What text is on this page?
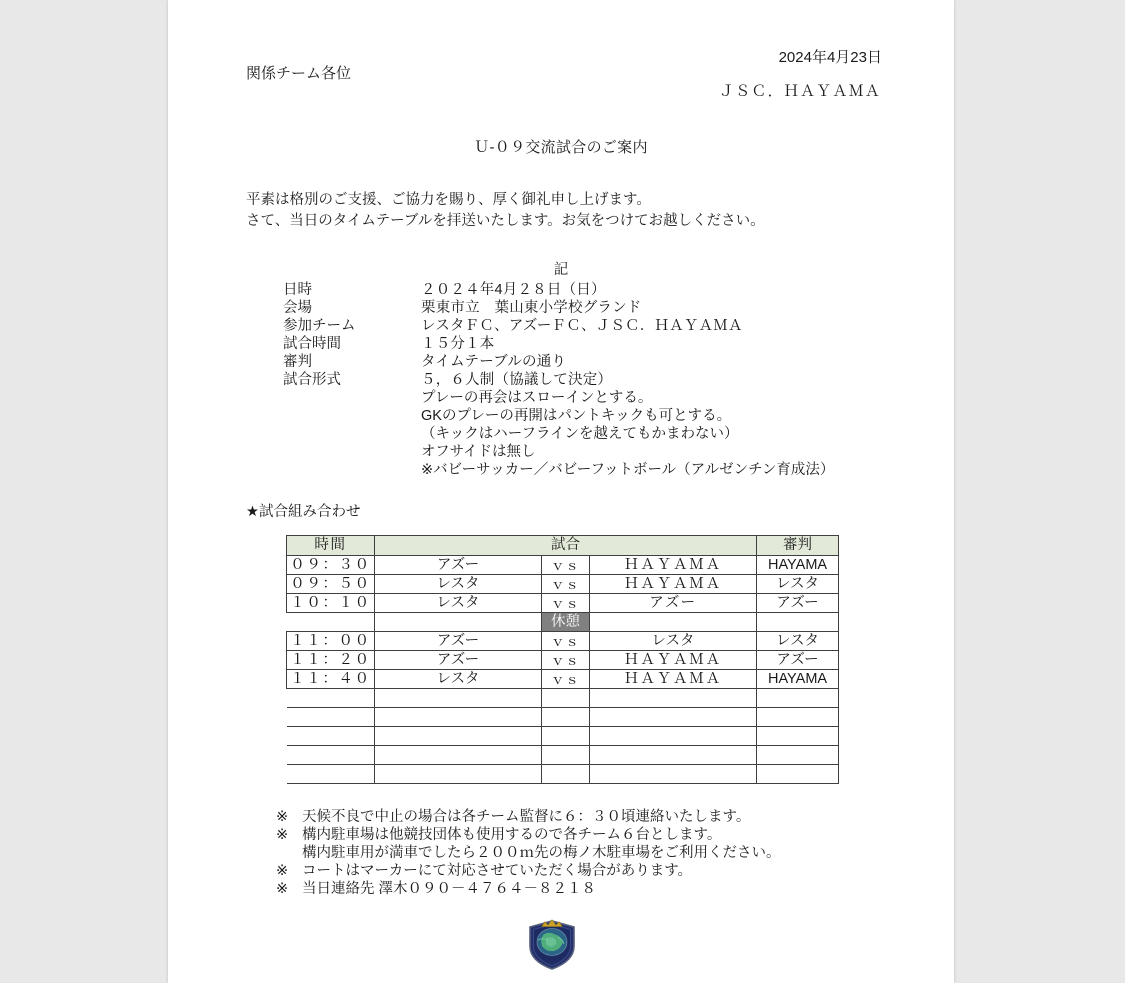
2024年4月23日
ＪＳＣ．ＨＡＹＡＭＡ
関係チーム各位
Ｕ-０９交流試合のご案内
平素は格別のご支援、ご協力を賜り、厚く御礼申し上げます。
さて、当日のタイムテーブルを拝送いたします。お気をつけてお越しください。
記
日時	２０２４年4月２８日（日）
会場	栗東市立　葉山東小学校グランド
参加チーム	レスタＦＣ、アズーＦＣ、ＪＳＣ．ＨＡＹＡＭＡ
試合時間	１５分１本
審判	タイムテーブルの通り
試合形式	５，６人制（協議して決定）
プレーの再会はスローインとする。
GKのプレーの再開はパントキックも可とする。
（キックはハーフラインを越えてもかまわない）
オフサイドは無し
※バビーサッカー／バビーフットボール（アルゼンチン育成法）
★試合組み合わせ
時間	試合			審判
０９：３０	アズー	ｖｓ	ＨＡＹＡＭＡ	HAYAMA
０９：５０	レスタ	ｖｓ	ＨＡＹＡＭＡ	レスタ
１０：１０	レスタ	ｖｓ	アズー	アズー
		休憩		
１１：００	アズー	ｖｓ	レスタ	レスタ
１１：２０	アズー	ｖｓ	ＨＡＹＡＭＡ	アズー
１１：４０	レスタ	ｖｓ	ＨＡＹＡＭＡ	HAYAMA

※ 天候不良で中止の場合は各チーム監督に６：３０頃連絡いたします。
※ 構内駐車場は他競技団体も使用するので各チーム６台とします。
構内駐車用が満車でしたら２００ｍ先の梅ノ木駐車場をご利用ください。
※ コートはマーカーにて対応させていただく場合があります。
※ 当日連絡先 澤木０９０－４７６４－８２１８
